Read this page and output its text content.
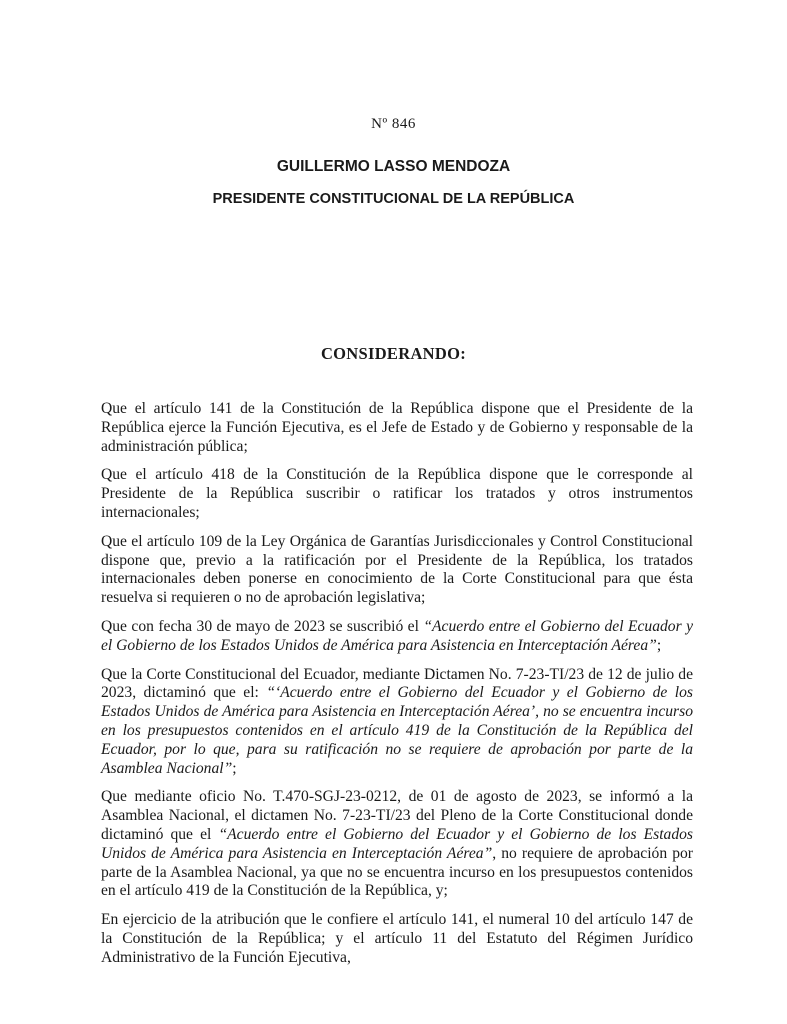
Nº 846
GUILLERMO LASSO MENDOZA
PRESIDENTE CONSTITUCIONAL DE LA REPÚBLICA
CONSIDERANDO:

Que el artículo 141 de la Constitución de la República dispone que el Presidente de la República ejerce la Función Ejecutiva, es el Jefe de Estado y de Gobierno y responsable de la administración pública;

Que el artículo 418 de la Constitución de la República dispone que le corresponde al Presidente de la República suscribir o ratificar los tratados y otros instrumentos internacionales;

Que el artículo 109 de la Ley Orgánica de Garantías Jurisdiccionales y Control Constitucional dispone que, previo a la ratificación por el Presidente de la República, los tratados internacionales deben ponerse en conocimiento de la Corte Constitucional para que ésta resuelva si requieren o no de aprobación legislativa;

Que con fecha 30 de mayo de 2023 se suscribió el “Acuerdo entre el Gobierno del Ecuador y el Gobierno de los Estados Unidos de América para Asistencia en Interceptación Aérea”;

Que la Corte Constitucional del Ecuador, mediante Dictamen No. 7-23-TI/23 de 12 de julio de 2023, dictaminó que el: “‘Acuerdo entre el Gobierno del Ecuador y el Gobierno de los Estados Unidos de América para Asistencia en Interceptación Aérea’, no se encuentra incurso en los presupuestos contenidos en el artículo 419 de la Constitución de la República del Ecuador, por lo que, para su ratificación no se requiere de aprobación por parte de la Asamblea Nacional”;

Que mediante oficio No. T.470-SGJ-23-0212, de 01 de agosto de 2023, se informó a la Asamblea Nacional, el dictamen No. 7-23-TI/23 del Pleno de la Corte Constitucional donde dictaminó que el “Acuerdo entre el Gobierno del Ecuador y el Gobierno de los Estados Unidos de América para Asistencia en Interceptación Aérea”, no requiere de aprobación por parte de la Asamblea Nacional, ya que no se encuentra incurso en los presupuestos contenidos en el artículo 419 de la Constitución de la República, y;

En ejercicio de la atribución que le confiere el artículo 141, el numeral 10 del artículo 147 de la Constitución de la República; y el artículo 11 del Estatuto del Régimen Jurídico Administrativo de la Función Ejecutiva,
